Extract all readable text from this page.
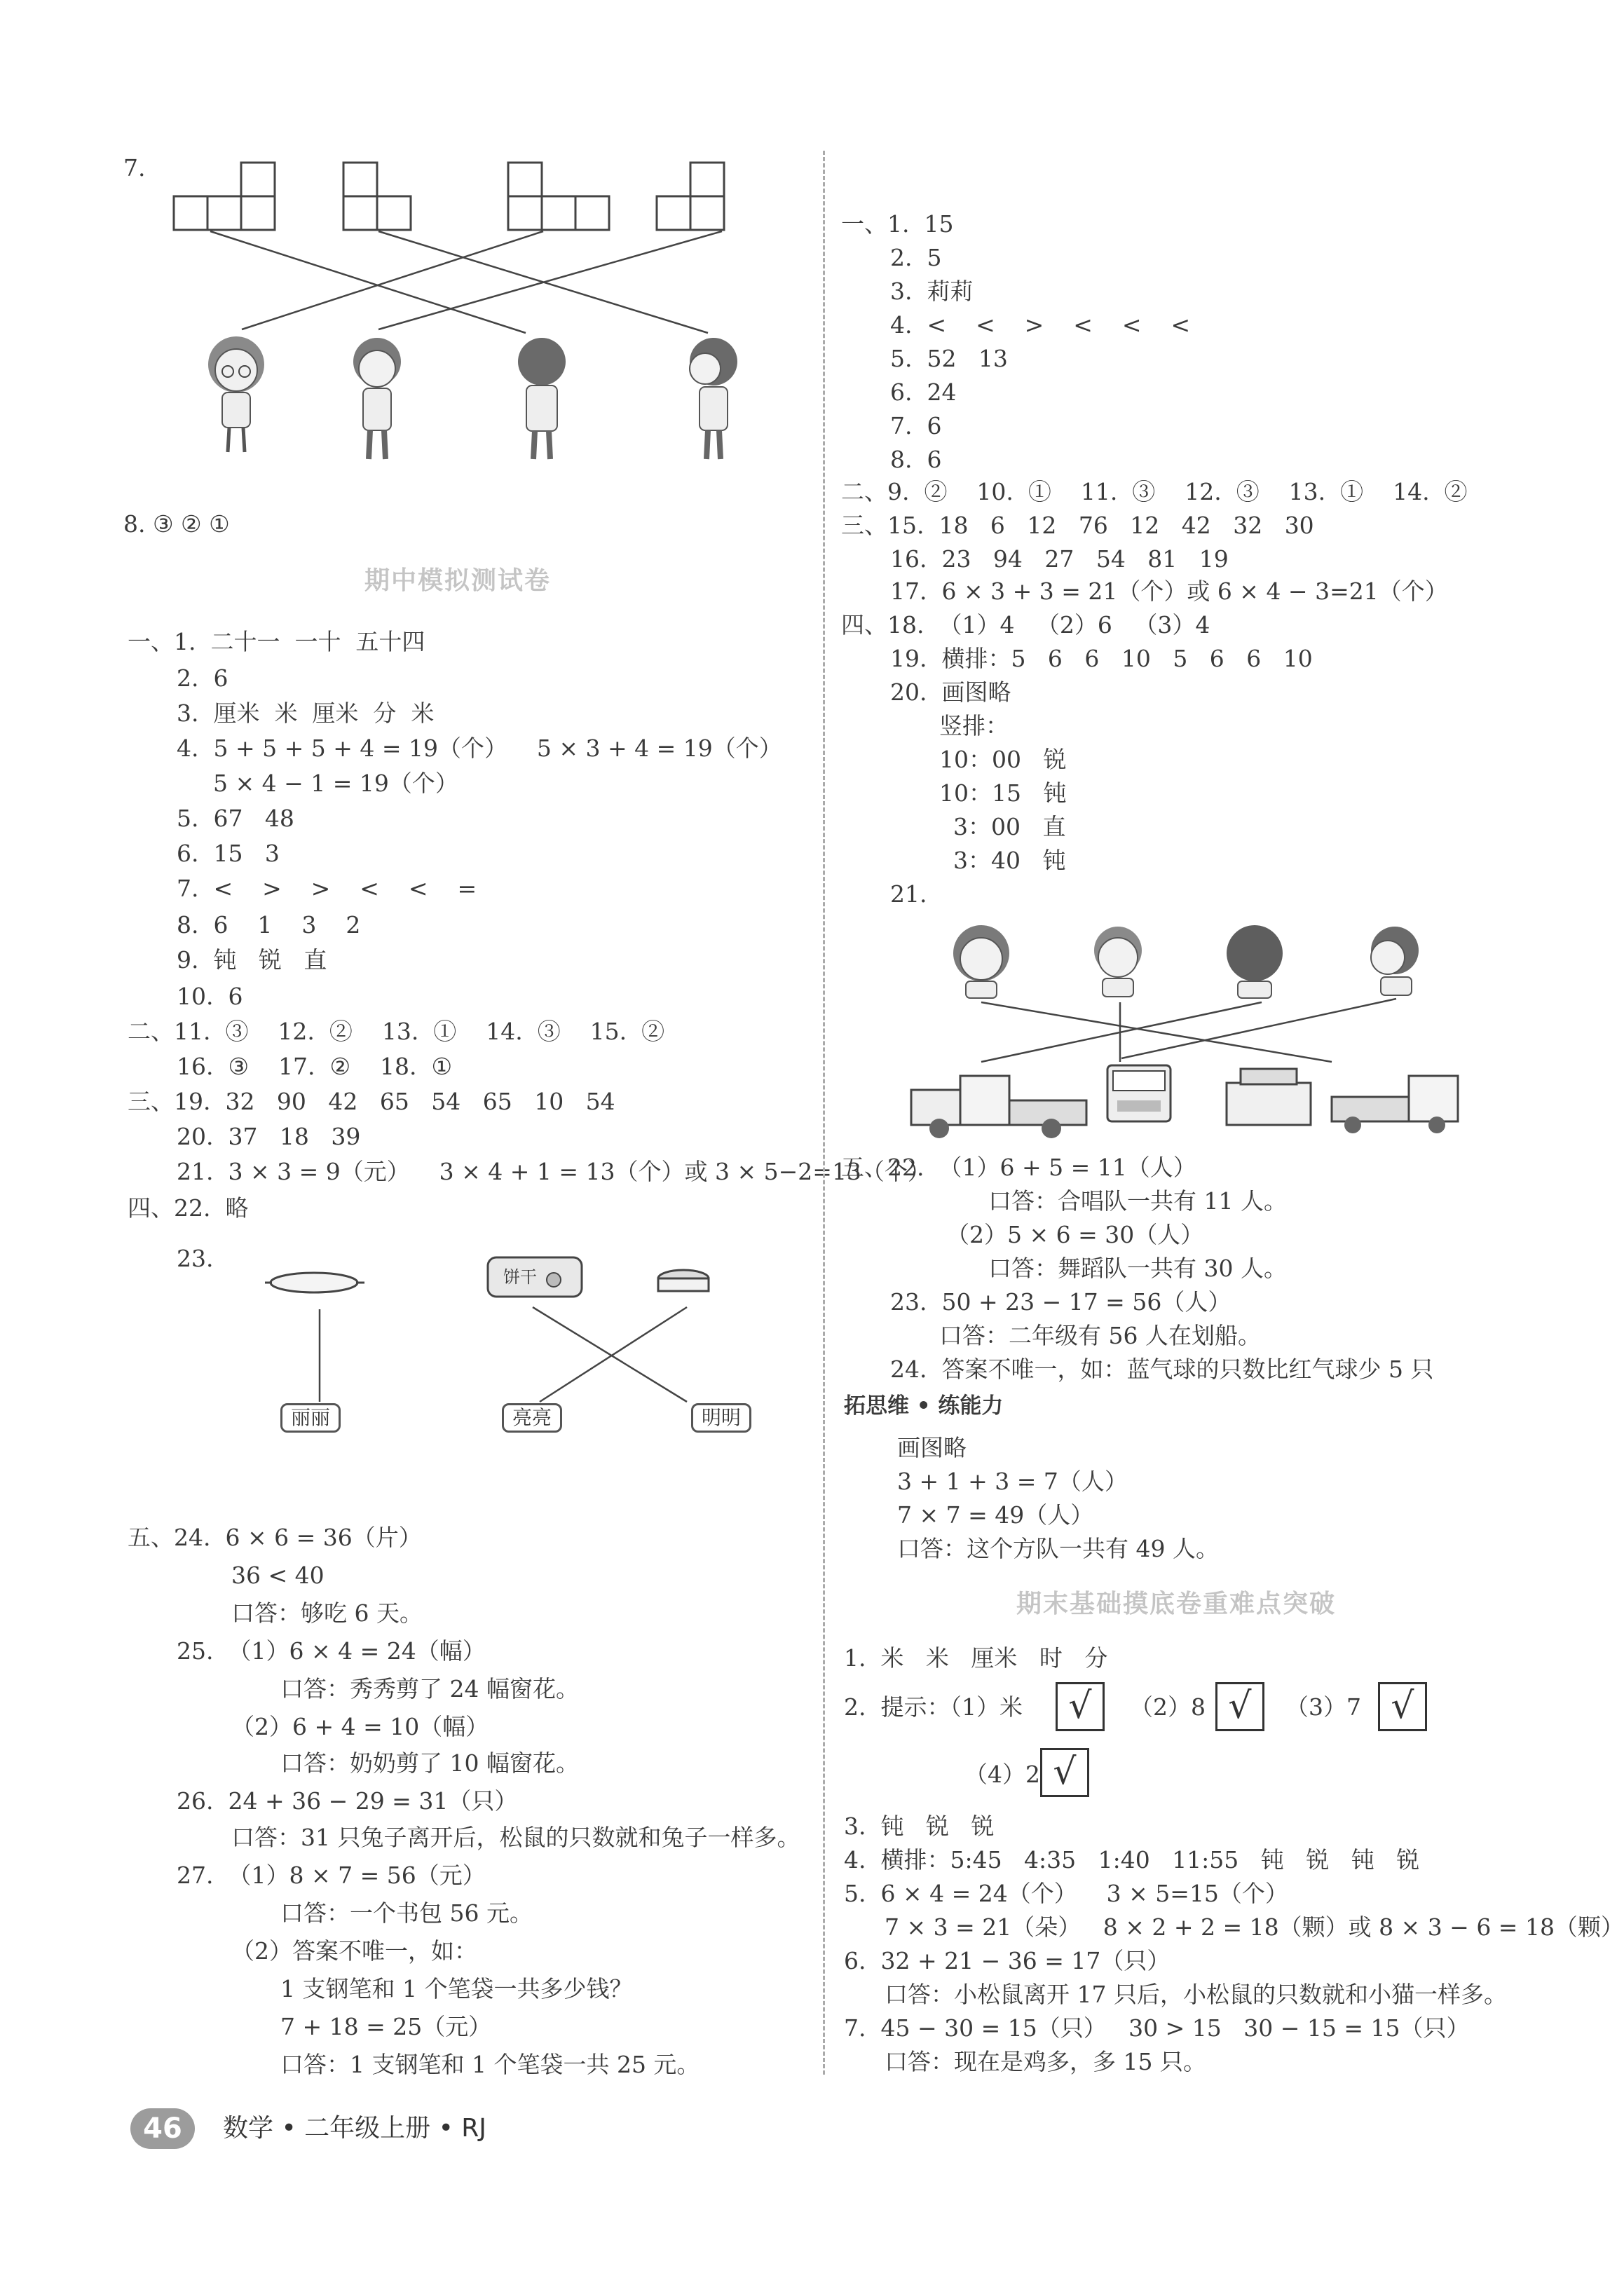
7.
8. ③ ② ①
期中模拟测试卷
一、1.  二十一  一十  五十四
2.  6
3.  厘米  米  厘米  分  米
4.  5 + 5 + 5 + 4 = 19（个）    5 × 3 + 4 = 19（个）
5 × 4 − 1 = 19（个）
5.  67   48
6.  15   3
7.  <    >    >    <    <    =
8.  6    1    3    2
9.  钝   锐   直
10.  6
二、11.  ③    12.  ②    13.  ①    14.  ③    15.  ②
16.  ③    17.  ②    18.  ①
三、19.  32   90   42   65   54   65   10   54
20.  37   18   39
21.  3 × 3 = 9（元）    3 × 4 + 1 = 13（个）或 3 × 5−2=13（个）
四、22.  略
23.
饼干
丽丽	亮亮	明明
五、24.  6 × 6 = 36（片）
36 < 40
口答：够吃 6 天。
25.  （1）6 × 4 = 24（幅）
口答：秀秀剪了 24 幅窗花。
（2）6 + 4 = 10（幅）
口答：奶奶剪了 10 幅窗花。
26.  24 + 36 − 29 = 31（只）
口答：31 只兔子离开后，松鼠的只数就和兔子一样多。
27.  （1）8 × 7 = 56（元）
口答：一个书包 56 元。
（2）答案不唯一，如：
1 支钢笔和 1 个笔袋一共多少钱？
7 + 18 = 25（元）
口答：1 支钢笔和 1 个笔袋一共 25 元。
一、1.  15
2.  5
3.  莉莉
4.  <    <    >    <    <    <
5.  52   13
6.  24
7.  6
8.  6
二、9.  ②    10.  ①    11.  ③    12.  ③    13.  ①    14.  ②
三、15.  18   6   12   76   12   42   32   30
16.  23   94   27   54   81   19
17.  6 × 3 + 3 = 21（个）或 6 × 4 − 3=21（个）
四、18.  （1）4   （2）6   （3）4
19.  横排：5   6   6   10   5   6   6   10
20.  画图略
竖排：
10：00   锐
10：15   钝
3：00   直
3：40   钝
21.
五、22.  （1）6 + 5 = 11（人）
口答：合唱队一共有 11 人。
（2）5 × 6 = 30（人）
口答：舞蹈队一共有 30 人。
23.  50 + 23 − 17 = 56（人）
口答：二年级有 56 人在划船。
24.  答案不唯一，如：蓝气球的只数比红气球少 5 只
拓思维 • 练能力
画图略
3 + 1 + 3 = 7（人）
7 × 7 = 49（人）
口答：这个方队一共有 49 人。
期末基础摸底卷重难点突破
1.  米   米   厘米   时   分
2.  提示：（1）米	√	（2）8 √	（3）7 √
（4）2 √
3.  钝   锐   锐
4.  横排：5:45   4:35   1:40   11:55   钝   锐   钝   锐
5.  6 × 4 = 24（个）    3 × 5=15（个）
7 × 3 = 21（朵）   8 × 2 + 2 = 18（颗）或 8 × 3 − 6 = 18（颗）
6.  32 + 21 − 36 = 17（只）
口答：小松鼠离开 17 只后，小松鼠的只数就和小猫一样多。
7.  45 − 30 = 15（只）   30 > 15   30 − 15 = 15（只）
口答：现在是鸡多，多 15 只。
46	数学 • 二年级上册 • RJ
